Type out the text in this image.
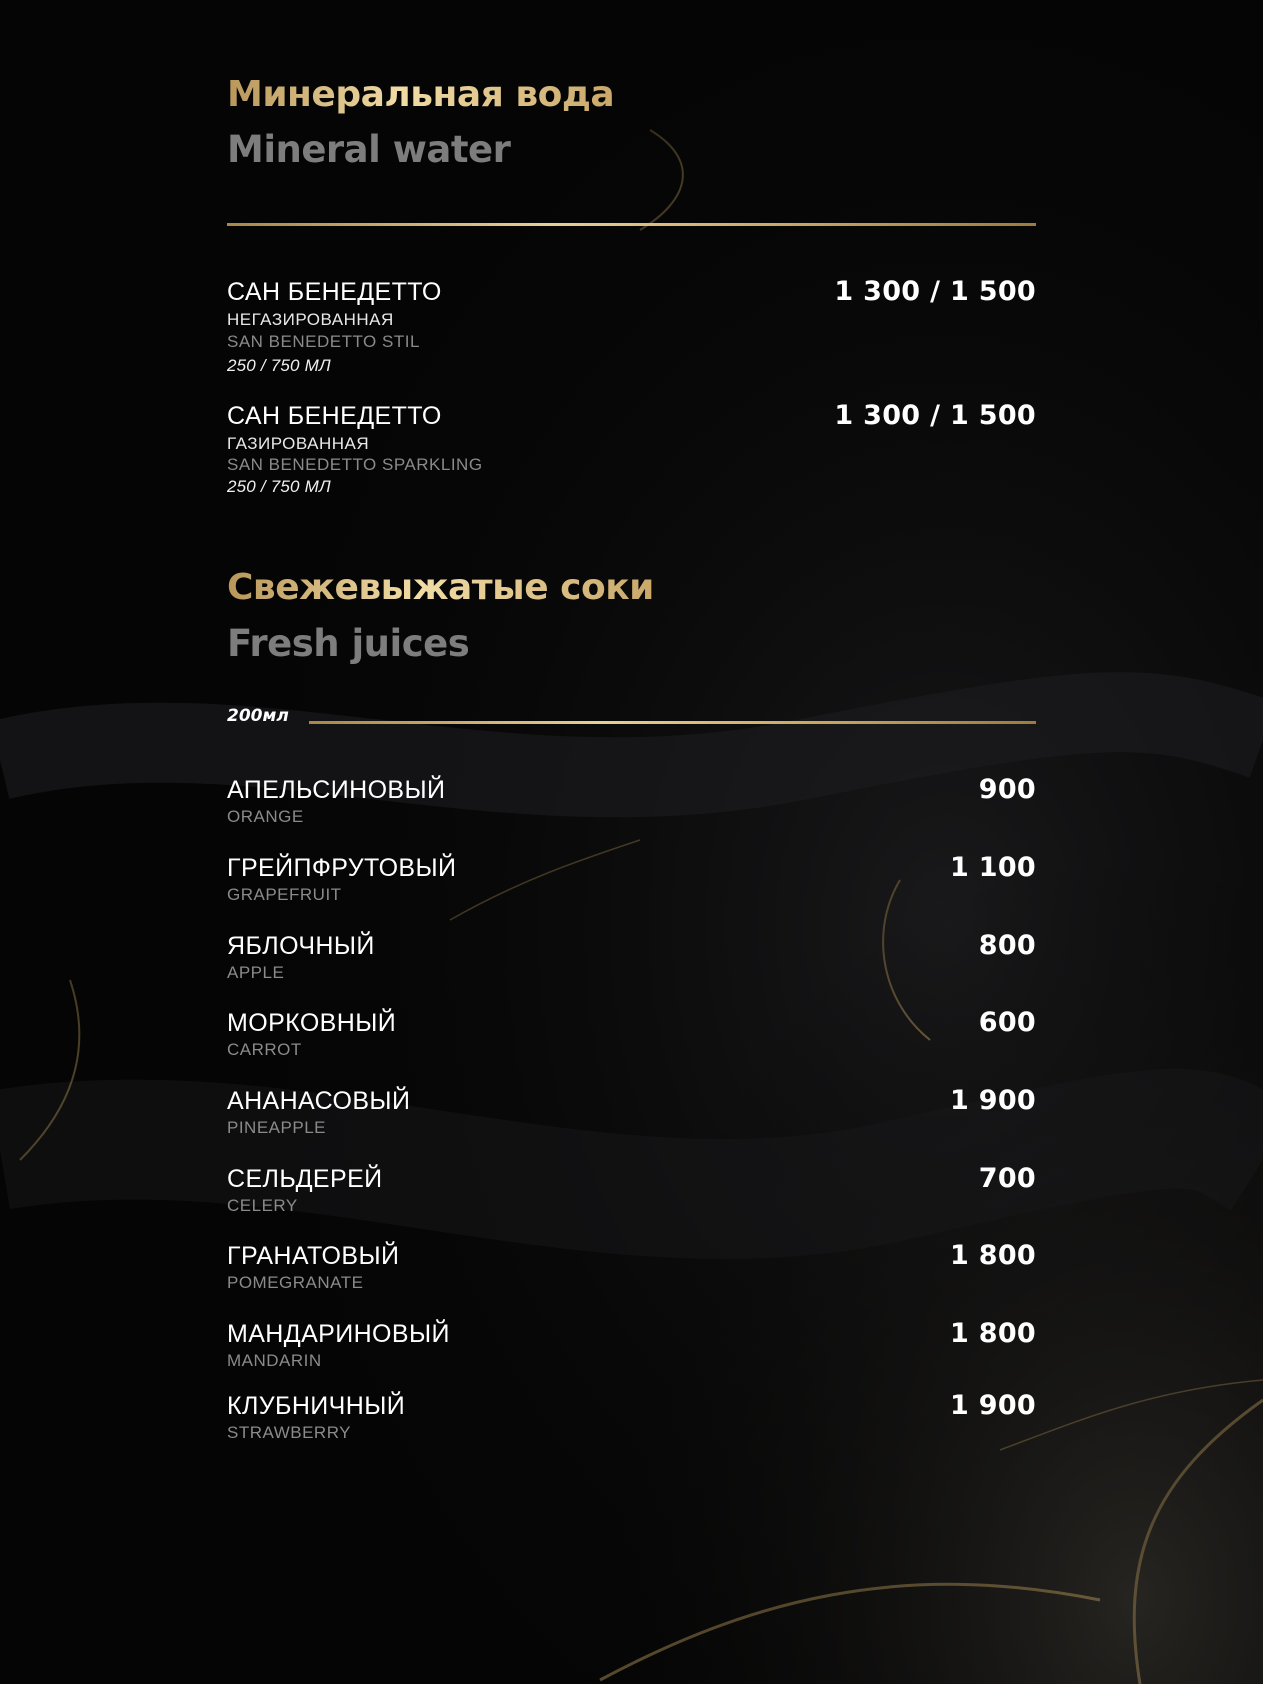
Минеральная вода
Mineral water
САН БЕНЕДЕТТО
НЕГАЗИРОВАННАЯ
SAN BENEDETTO STIL
250 / 750 МЛ
1 300 / 1 500
САН БЕНЕДЕТТО
ГАЗИРОВАННАЯ
SAN BENEDETTO SPARKLING
250 / 750 МЛ
1 300 / 1 500
Свежевыжатые соки
Fresh juices
200мл
АПЕЛЬСИНОВЫЙ
ORANGE
900
ГРЕЙПФРУТОВЫЙ
GRAPEFRUIT
1 100
ЯБЛОЧНЫЙ
APPLE
800
МОРКОВНЫЙ
CARROT
600
АНАНАСОВЫЙ
PINEAPPLE
1 900
СЕЛЬДЕРЕЙ
CELERY
700
ГРАНАТОВЫЙ
POMEGRANATE
1 800
МАНДАРИНОВЫЙ
MANDARIN
1 800
КЛУБНИЧНЫЙ
STRAWBERRY
1 900
